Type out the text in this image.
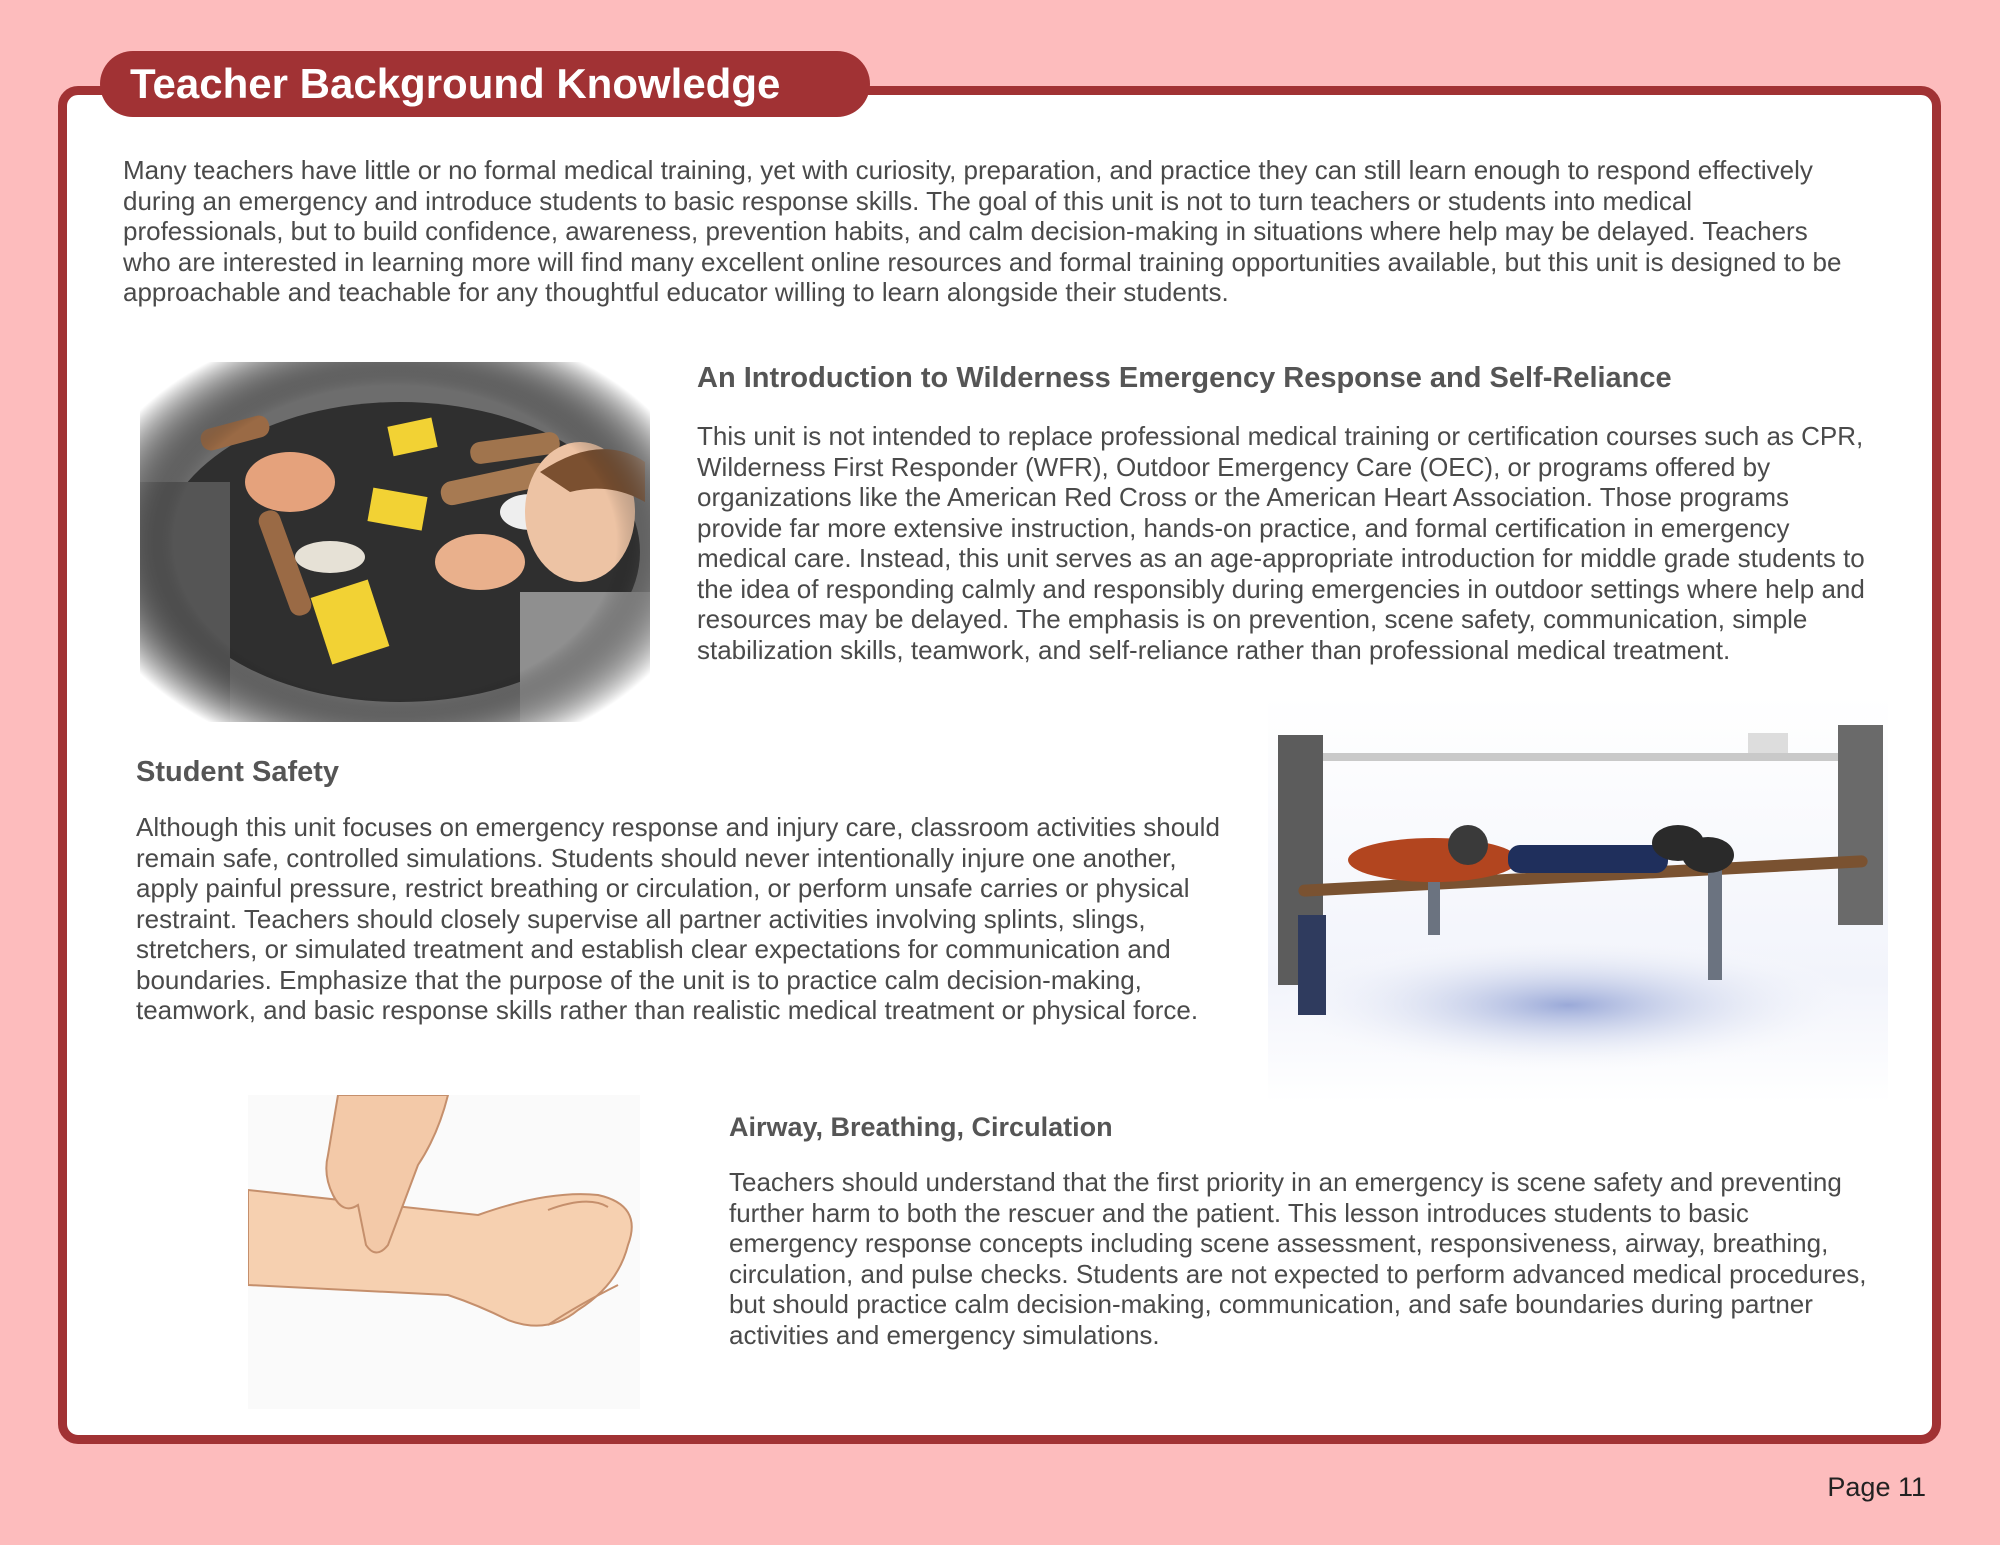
Teacher Background Knowledge

Many teachers have little or no formal medical training, yet with curiosity, preparation, and practice they can still learn enough to respond effectively during an emergency and introduce students to basic response skills. The goal of this unit is not to turn teachers or students into medical professionals, but to build confidence, awareness, prevention habits, and calm decision-making in situations where help may be delayed. Teachers who are interested in learning more will find many excellent online resources and formal training opportunities available, but this unit is designed to be approachable and teachable for any thoughtful educator willing to learn alongside their students.

An Introduction to Wilderness Emergency Response and Self-Reliance

This unit is not intended to replace professional medical training or certification courses such as CPR, Wilderness First Responder (WFR), Outdoor Emergency Care (OEC), or programs offered by organizations like the American Red Cross or the American Heart Association. Those programs provide far more extensive instruction, hands-on practice, and formal certification in emergency medical care. Instead, this unit serves as an age-appropriate introduction for middle grade students to the idea of responding calmly and responsibly during emergencies in outdoor settings where help and resources may be delayed. The emphasis is on prevention, scene safety, communication, simple stabilization skills, teamwork, and self-reliance rather than professional medical treatment.

Student Safety

Although this unit focuses on emergency response and injury care, classroom activities should remain safe, controlled simulations. Students should never intentionally injure one another, apply painful pressure, restrict breathing or circulation, or perform unsafe carries or physical restraint. Teachers should closely supervise all partner activities involving splints, slings, stretchers, or simulated treatment and establish clear expectations for communication and boundaries. Emphasize that the purpose of the unit is to practice calm decision-making, teamwork, and basic response skills rather than realistic medical treatment or physical force.

Airway, Breathing, Circulation

Teachers should understand that the first priority in an emergency is scene safety and preventing further harm to both the rescuer and the patient. This lesson introduces students to basic emergency response concepts including scene assessment, responsiveness, airway, breathing, circulation, and pulse checks. Students are not expected to perform advanced medical procedures, but should practice calm decision-making, communication, and safe boundaries during partner activities and emergency simulations.

Page 11
